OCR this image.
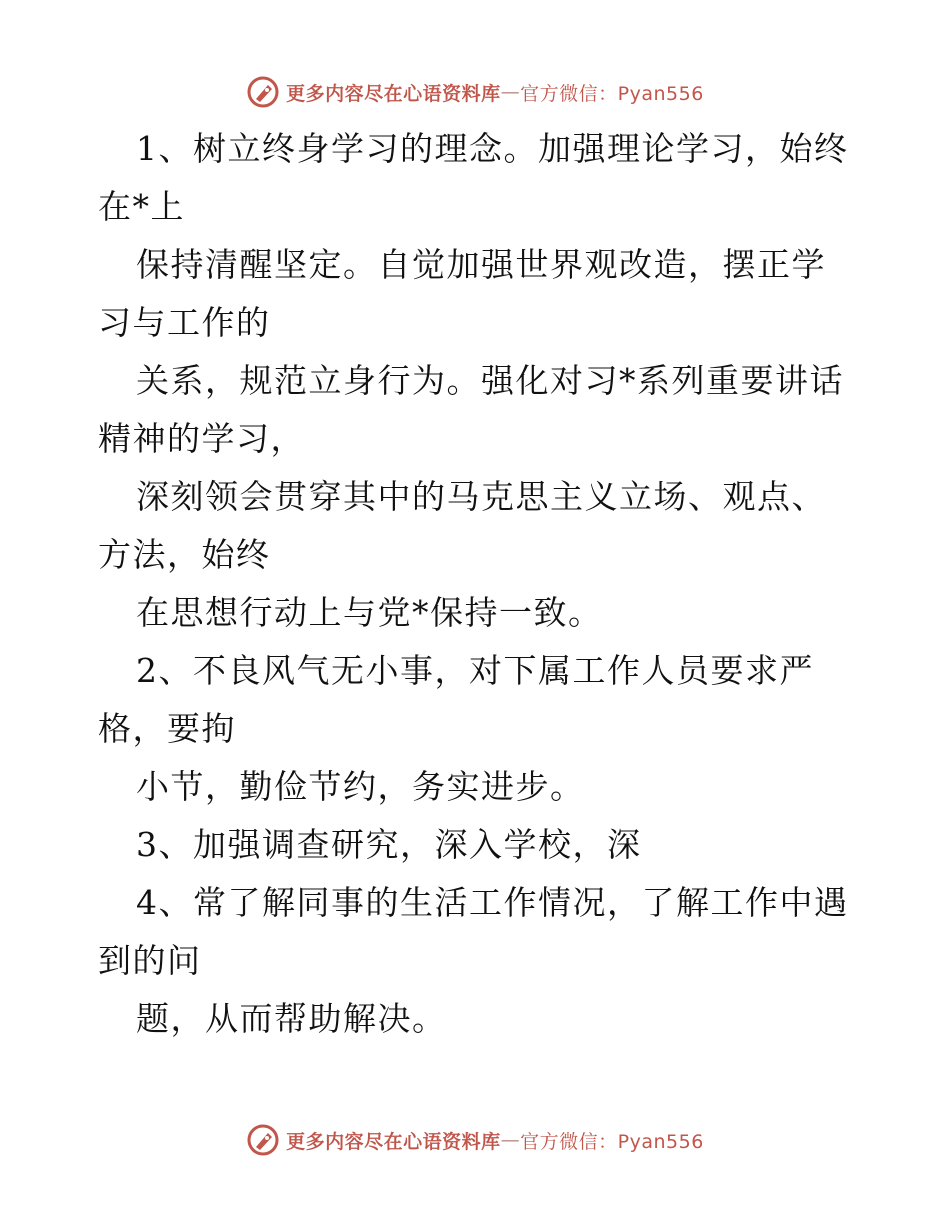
更多内容尽在心语资料库 — 官方微信：Pyan556

1、树立终身学习的理念。加强理论学习，始终在*上

保持清醒坚定。自觉加强世界观改造，摆正学习与工作的

关系，规范立身行为。强化对习*系列重要讲话精神的学习，

深刻领会贯穿其中的马克思主义立场、观点、方法，始终

在思想行动上与党*保持一致。

2、不良风气无小事，对下属工作人员要求严格，要拘

小节，勤俭节约，务实进步。

3、加强调查研究，深入学校，深

4、常了解同事的生活工作情况，了解工作中遇到的问

题，从而帮助解决。

更多内容尽在心语资料库 — 官方微信：Pyan556
